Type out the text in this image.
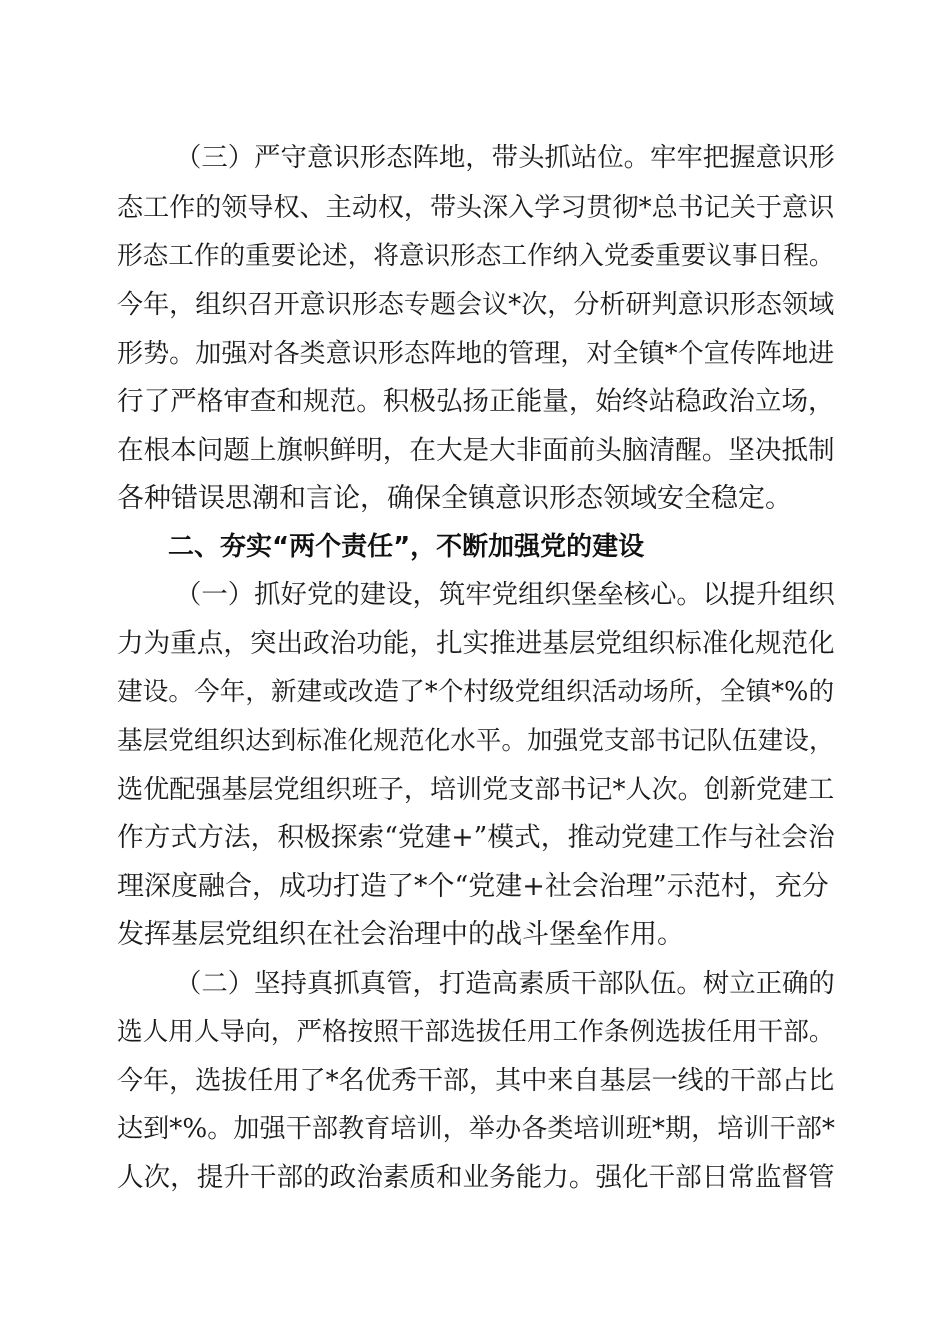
（三）严守意识形态阵地，带头抓站位。牢牢把握意识形
态工作的领导权、主动权，带头深入学习贯彻*总书记关于意识
形态工作的重要论述，将意识形态工作纳入党委重要议事日程。
今年，组织召开意识形态专题会议*次，分析研判意识形态领域
形势。加强对各类意识形态阵地的管理，对全镇*个宣传阵地进
行了严格审查和规范。积极弘扬正能量，始终站稳政治立场，
在根本问题上旗帜鲜明，在大是大非面前头脑清醒。坚决抵制
各种错误思潮和言论，确保全镇意识形态领域安全稳定。
二、夯实“两个责任”，不断加强党的建设
（一）抓好党的建设，筑牢党组织堡垒核心。以提升组织
力为重点，突出政治功能，扎实推进基层党组织标准化规范化
建设。今年，新建或改造了*个村级党组织活动场所，全镇*%的
基层党组织达到标准化规范化水平。加强党支部书记队伍建设，
选优配强基层党组织班子，培训党支部书记*人次。创新党建工
作方式方法，积极探索“党建+”模式，推动党建工作与社会治
理深度融合，成功打造了*个“党建+社会治理”示范村，充分
发挥基层党组织在社会治理中的战斗堡垒作用。
（二）坚持真抓真管，打造高素质干部队伍。树立正确的
选人用人导向，严格按照干部选拔任用工作条例选拔任用干部。
今年，选拔任用了*名优秀干部，其中来自基层一线的干部占比
达到*%。加强干部教育培训，举办各类培训班*期，培训干部*
人次，提升干部的政治素质和业务能力。强化干部日常监督管
